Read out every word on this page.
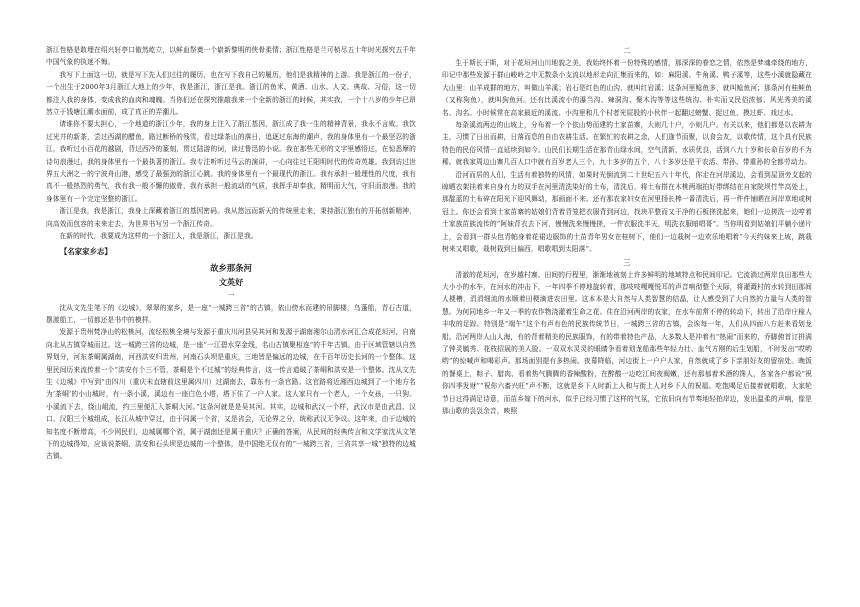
浙江性格是敢埋在绍兴轩亭口傲然屹立，以鲜血祭奠一个崭新黎明的侠骨柔情；浙江性格是兰可桢尽五十年时光探究五千年中国气象的执迷不悔。

我写下上面这一切，就是写下先人们过往的履历，也在写下我自己的履历，他们是我精神的上游。我是浙江的一份子，一个出生于2000年3月浙江大地上的少年，我是浙江，浙江是我。浙江的鱼米、黄酒、山水、人文、典故、习俗，这一切都注入我的身体，变成我的血肉和魂魄。当你们还在探究推敲我来一个全新的浙江的时候，其实我，一个十八岁的少年已昂然立于钱塘江潮水面前，成了真正的弄潮儿。

请谁你不要太担心，一个地道的浙江少年，我的身上注入了浙江基因，浙江成了我一生的精神背景，我永不言败。我饮过光井的新茶，尝过西湖的醋鱼，路过断桥的残雪，看过绿茶山的落日，追逐过东海的潮声，我的身体里有一个最坚忍的浙江，我听过小百花的越剧，背过西冷的篆刻，贯过陆游的词，读过鲁迅的小说。我在那些无形的文字里感悟过，在惊悉摩的诗句浪漫过，我的身体里有一个最执著的浙江。我专注听听过马云的演讲，一心向往过王阳明时代的传奇英雄。我到访过世界五大洲之一的宁波舟山港，感受了最强劲的浙江心跳。我的身体里有一个最现代的浙江。我有承担一般理性的尺度，我有真不一般热烈的勇气，我有我一般不懈的傲骨，我有承担一般流动的气质，我挥手却奉我，精明而大气，守旧而浪漫。我的身体里有一个完定坚整的浙江。

浙江是我，我是浙江，我身上深藏着浙江的基因密码。我从悠远而新天的传统里走来，秉持浙江独有的开拓创新精神，向高效而包容的未来走去，为世界书写另一个浙江传奇。

在新的时代，我要成为这样的一个浙江人，我是浙江，浙江是我。

【名家家乡志】
故乡那条河
文英好
一

沈从文先生笔下的《边城》，翠翠的家乡，是一座“一城跨三省”的古镇，依山傍水而建的吊脚楼，鸟蓬船，青石古道，摆渡船工，一切都还是书中的模样。

发源于贵州梵净山的松桃河，流经松桃全境与发源于重庆川河县吴其河和发源于湖南湘尔山清水河汇合成花垣河，自南向北从古镇穿城而过。这一城跨三省的边城，是一座“一江碧水穿金线，名山古镇聚相连”的千年古镇。由于区域管辖以自然界划分，河东茶峒属湖南，河西洪安归贵州，河南石头坝是重庆，三地皆是偏远的边城，在千百年历史长河的一个整体。这里民间历来流传着一个“洪安有个三不管，茶峒是个不过城”的经典传言，这一传言道破了茶峒和洪安是一个整体。沈从文先生《边城》中写到“由四川（重庆未直辖前这里属四川）过湖南去，靠东有一条官路。这官路将近湘西边城到了一个地方名为‘茶峒’的小山城时，有一条小溪，溪边有一座白色小塔，塔下住了一户人家。这人家只有一个老人，一个女孩，一只狗。小溪流下去，绕山岨流，约三里便汇入茶峒大河。”这条河就是是吴其河。其实，边城和武汉一个样，武汉市是由武昌、汉口、汉阳三个城组成，长江从城中穿过，由于同属一个省，又是省会，无论界之分，统称武汉无争议。这年来，由于边城的知名度不断增高，不少网民们，边城属哪个省，属于湖南还是属于重庆？正确的答案，从民间的经典传言和文学家沈从文笔下的边城得知，应该说茶峒、洪安和石头坝是边城的一个整体，是中国绝无仅有的“一城跨三省，三省共享一城”独特的边城古镇。

二

生于斯长于斯，对于花垣河山川地貌之美，我始终怀着一份特殊的感情，那深深的眷恋之情，依然是梦魂牵绕的地方，印记中那些发源于群山峻岭之中无数条小支流以地形走向汇集而来的，如：麻阳溪、牛角溪、鸭子溪等，这些小溪就隐藏在大山里：山羊成群的地方，叫做山羊溪；岩石是红色的山沟，就叫红岩溪；这条河里鲶鱼多，就叫鲶鱼河；那条河有桂鲑鱼（又称狗鱼），就叫狗鱼河。还有比溪流小的瀑当沟、辣洞沟、聚木沟等等这些统沟、朴实而又民俗浓郁、风光秀美的溪名、沟名。小时候常在高家最近的溪流、小沟里和几个村者光屁股的小伙伴一起翻过螃蟹、捉过鱼、摸过虾、戏过水。

每条溪流两边的山坡上，分布着一个个依山势而建的土家苗寨，大则几十户，小则几户。有关以来，他们都是以农耕为主，习惯了日出而耕，日落而息的自由农耕生活。在繁忙的农耕之余，人们逢节而聚，以食会友，以歌传情，这个具有民族特色的民俗风情一直延续到如今。山民们长期生活在那青山绿水间，空气清新，水质优良，活到八九十岁和长命百岁的不为稀。就我家周边山寨几百人口中就有百岁老人三个，九十多岁的五个，八十多岁还是干农活、带孙、带重孙的全都劳动力。

沿河而居的人们，生活有着独特的风情，如果时光倒流到二十世纪五六十年代，你走在河岸溪边，会看到屋顶旁支起的晾晒衣架挂着来自身有力的双手在河里清洗染好的土布，清洗后，将土布搭在木桃两端拍好带绑结在自家院坝竹竿高处上，那靛蓝的土布碎在阳光下迎风舞动，那画面不来。还有那农家妇女在河里扬长棒一番清洗后，再一件件铺晒在河岸草地或树冠上。你还会看到土家苗寨的姑娘们背着背笼把衣服背到河边，找块平整而又干净的石板搓洗起来，她们一边搓洗一边哼着土家族苗族流传的“阿妹背衣去下河，慢慢洗来慢慢搓，一件衣服洗半天，明洗衣服暗唱哥”。当你明看到姑娘们平躺小递片上，会看到一群头包青帕身着花裙边服饰的土苗青年男女在桂树下，他们一边栽树一边欢乐地唱着“今天约妹来上坡，跳栽树来又唱歌，栽树栽到日偏西，唱歌唱到太阳落”。

三

清澈的花垣河，在岁越村寨、田间的行程里，渐渐地被刻上许多鲜明的地域特点和民间印记。它流淌过两岸良田那些大大小小的水车，在河水的冲击下，一年四季不停地旋转着，那吱吱嘎嘎悦耳的声音响彻整个天际，将灌溉村的水转到田那间人梗槽，涓涓细流的水顺着田梗滴进农田里。这本本是大自然与人类智慧的结晶，让人感受到了大自然的力量与人类的智慧。为何同地乡一年又一季的农作物浇灌着生命之花。住在沿河两岸的农家，在水车前常不停的转动下，转出了沿岸庄稼人丰收的足踪。特别是“端午”这个有声有色的民族传统节日，一城跨三省的古镇，会诶每一年，人们从四面八方赶来看划龙船。沿河两岸人山人海，有的背着精美的民族服饰，有的带着特色产品，大多数人是冲着有“热闹”而来的，乔脚俯首订拼满了钟灵毓秀、花枝招展的美人脸。一双双水灵灵的眼睛争看着划龙船那些年轻力壮、血气方刚的后生划船，不时发出“哎哟哟”的惊喊声和喝彩声。那场面别提有多热闹。夜幕降临，河边街上一户户人家，自然就成了乡下亲朋好友的留宿处。晚饭的餐桌上，粽子、腊肉、看着热气腾腾的香辣酸粉，在醉酸一边吃江间夜阀嫩，还有那郁着米酒的馋人，各家各户都说“祝你四季发财”“祝你六畜兴旺”声不断，这就是乡下人时新上人和与街上人对乡下人的祝福。吃饱喝足后接着就唱歌，大家轮节日过得满足诗意，而苗乡嫁下的河水，似乎已经习惯了这样的气氛，它依旧向有节奏地轻拍岸边，发出温柔的声响，像是那山歌的袅袅余音，映照
